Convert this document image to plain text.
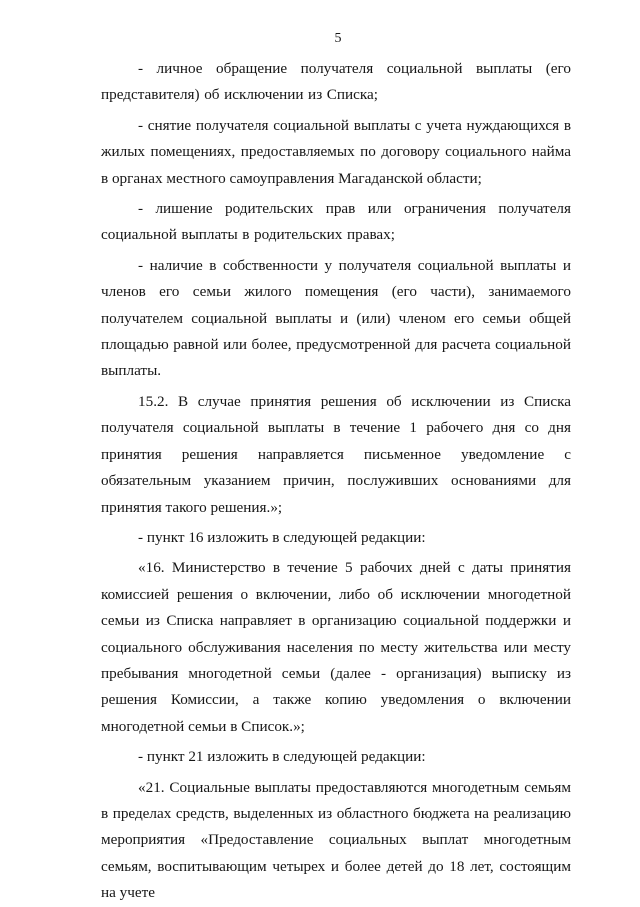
5

- личное обращение получателя социальной выплаты (его представителя) об исключении из Списка;

- снятие получателя социальной выплаты с учета нуждающихся в жилых помещениях, предоставляемых по договору социального найма в органах местного самоуправления Магаданской области;

- лишение родительских прав или ограничения получателя социальной выплаты в родительских правах;

- наличие в собственности у получателя социальной выплаты и членов его семьи жилого помещения (его части), занимаемого получателем социальной выплаты и (или) членом его семьи общей площадью равной или более, предусмотренной для расчета социальной выплаты.

15.2. В случае принятия решения об исключении из Списка получателя социальной выплаты в течение 1 рабочего дня со дня принятия решения направляется письменное уведомление с обязательным указанием причин, послуживших основаниями для принятия такого решения.»;

- пункт 16 изложить в следующей редакции:

«16. Министерство в течение 5 рабочих дней с даты принятия комиссией решения о включении, либо об исключении многодетной семьи из Списка направляет в организацию социальной поддержки и социального обслуживания населения по месту жительства или месту пребывания многодетной семьи (далее - организация) выписку из решения Комиссии, а также копию уведомления о включении многодетной семьи в Список.»;

- пункт 21 изложить в следующей редакции:

«21. Социальные выплаты предоставляются многодетным семьям в пределах средств, выделенных из областного бюджета на реализацию мероприятия «Предоставление социальных выплат многодетным семьям, воспитывающим четырех и более детей до 18 лет, состоящим на учете
